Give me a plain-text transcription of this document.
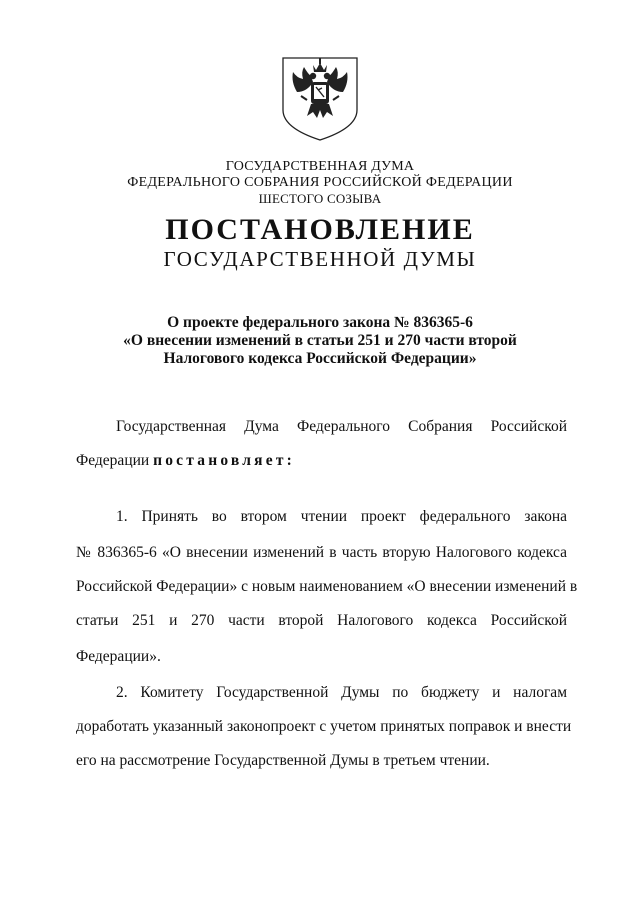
ГОСУДАРСТВЕННАЯ ДУМА
ФЕДЕРАЛЬНОГО СОБРАНИЯ РОССИЙСКОЙ ФЕДЕРАЦИИ
ШЕСТОГО СОЗЫВА
ПОСТАНОВЛЕНИЕ
ГОСУДАРСТВЕННОЙ ДУМЫ
О проекте федерального закона № 836365-6
«О внесении изменений в статьи 251 и 270 части второй
Налогового кодекса Российской Федерации»
Государственная Дума Федерального Собрания Российской
Федерации постановляет:
1. Принять во втором чтении проект федерального закона
№ 836365-6 «О внесении изменений в часть вторую Налогового кодекса
Российской Федерации» с новым наименованием «О внесении изменений в
статьи 251 и 270 части второй Налогового кодекса Российской
Федерации».
2. Комитету Государственной Думы по бюджету и налогам
доработать указанный законопроект с учетом принятых поправок и внести
его на рассмотрение Государственной Думы в третьем чтении.
